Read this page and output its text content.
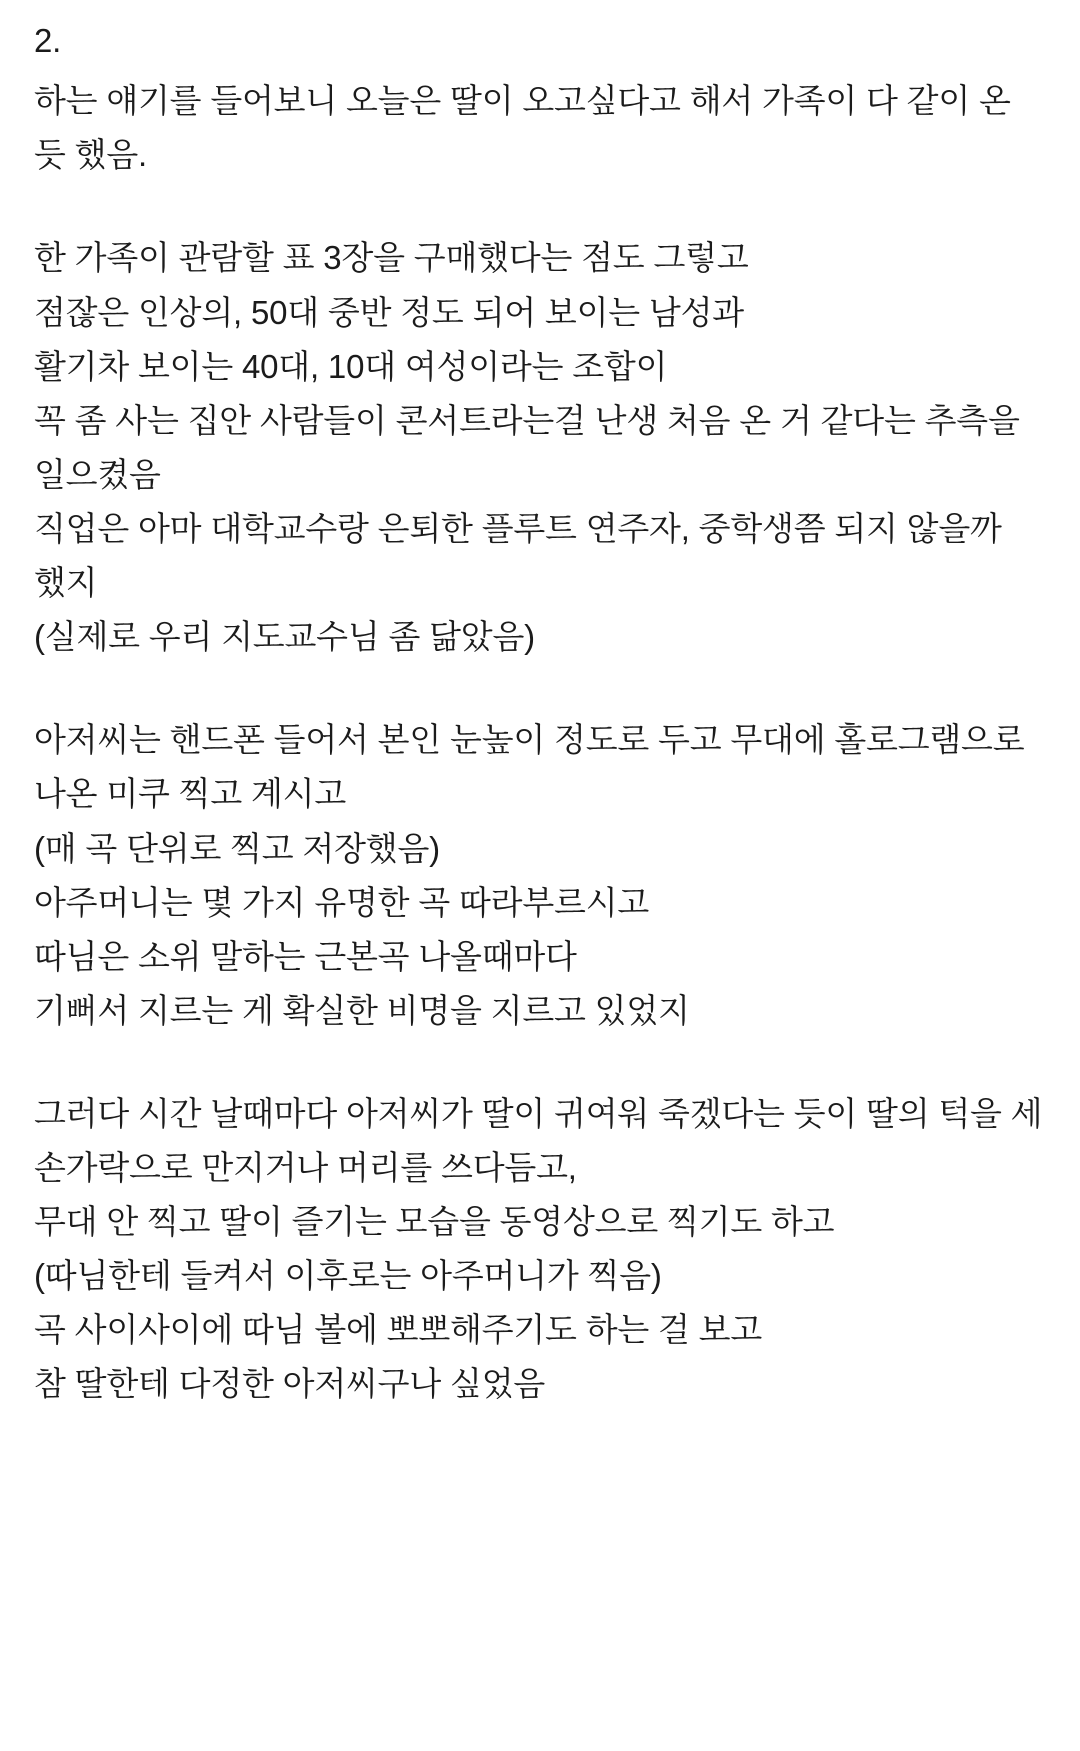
2.

하는 얘기를 들어보니 오늘은 딸이 오고싶다고 해서 가족이 다 같이 온 듯 했음.

한 가족이 관람할 표 3장을 구매했다는 점도 그렇고
점잖은 인상의, 50대 중반 정도 되어 보이는 남성과
활기차 보이는 40대, 10대 여성이라는 조합이
꼭 좀 사는 집안 사람들이 콘서트라는걸 난생 처음 온 거 같다는 추측을 일으켰음
직업은 아마 대학교수랑 은퇴한 플루트 연주자, 중학생쯤 되지 않을까 했지
(실제로 우리 지도교수님 좀 닮았음)

아저씨는 핸드폰 들어서 본인 눈높이 정도로 두고 무대에 홀로그램으로 나온 미쿠 찍고 계시고
(매 곡 단위로 찍고 저장했음)
아주머니는 몇 가지 유명한 곡 따라부르시고
따님은 소위 말하는 근본곡 나올때마다
기뻐서 지르는 게 확실한 비명을 지르고 있었지

그러다 시간 날때마다 아저씨가 딸이 귀여워 죽겠다는 듯이 딸의 턱을 세 손가락으로 만지거나 머리를 쓰다듬고,
무대 안 찍고 딸이 즐기는 모습을 동영상으로 찍기도 하고
(따님한테 들켜서 이후로는 아주머니가 찍음)
곡 사이사이에 따님 볼에 뽀뽀해주기도 하는 걸 보고
참 딸한테 다정한 아저씨구나 싶었음
